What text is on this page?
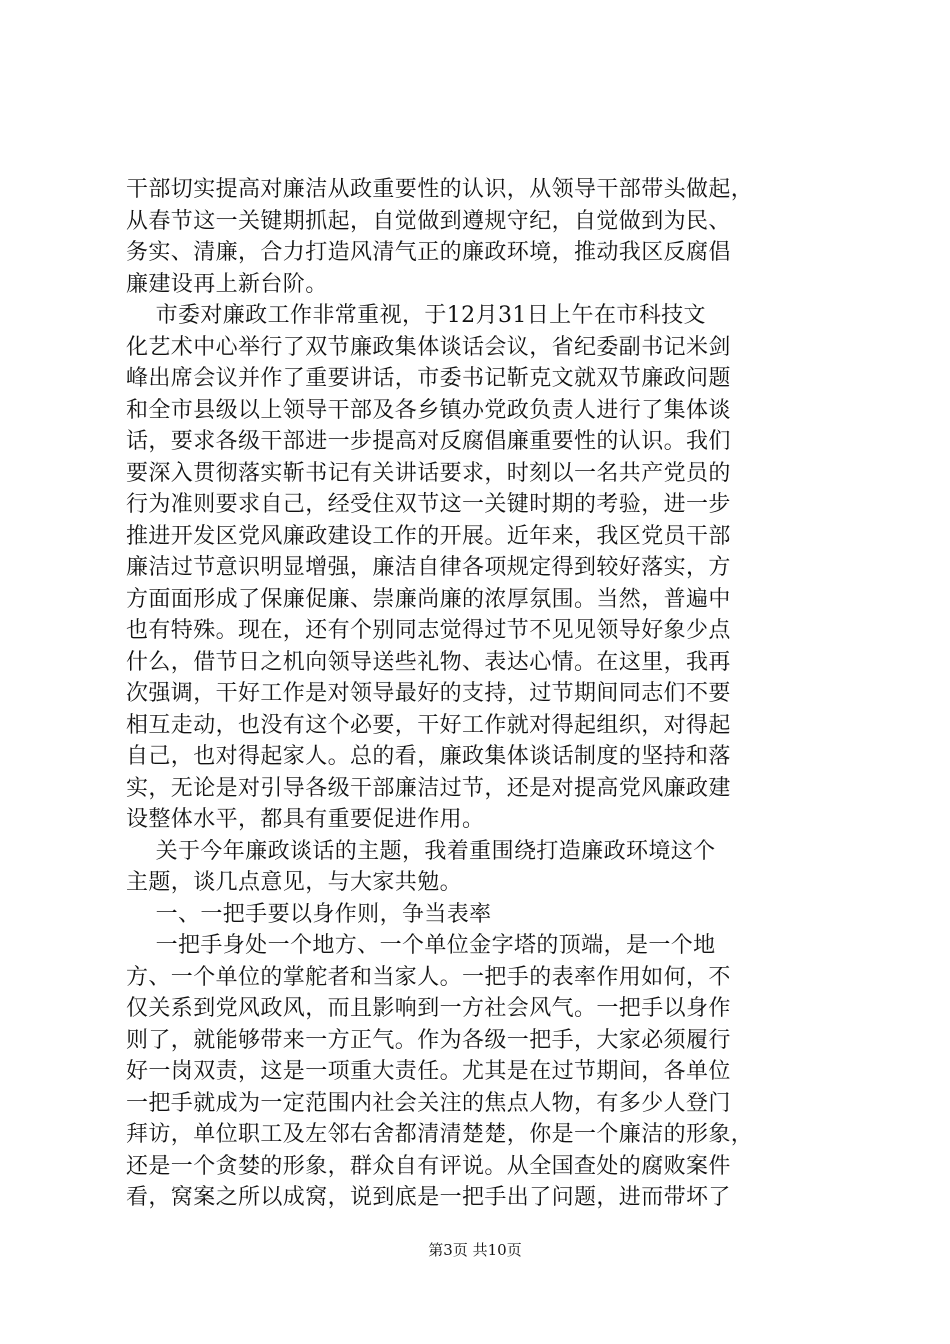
干部切实提高对廉洁从政重要性的认识，从领导干部带头做起，
从春节这一关键期抓起，自觉做到遵规守纪，自觉做到为民、
务实、清廉，合力打造风清气正的廉政环境，推动我区反腐倡
廉建设再上新台阶。
市委对廉政工作非常重视，于12月31日上午在市科技文
化艺术中心举行了双节廉政集体谈话会议，省纪委副书记米剑
峰出席会议并作了重要讲话，市委书记靳克文就双节廉政问题
和全市县级以上领导干部及各乡镇办党政负责人进行了集体谈
话，要求各级干部进一步提高对反腐倡廉重要性的认识。我们
要深入贯彻落实靳书记有关讲话要求，时刻以一名共产党员的
行为准则要求自己，经受住双节这一关键时期的考验，进一步
推进开发区党风廉政建设工作的开展。近年来，我区党员干部
廉洁过节意识明显增强，廉洁自律各项规定得到较好落实，方
方面面形成了保廉促廉、崇廉尚廉的浓厚氛围。当然，普遍中
也有特殊。现在，还有个别同志觉得过节不见见领导好象少点
什么，借节日之机向领导送些礼物、表达心情。在这里，我再
次强调，干好工作是对领导最好的支持，过节期间同志们不要
相互走动，也没有这个必要，干好工作就对得起组织，对得起
自己，也对得起家人。总的看，廉政集体谈话制度的坚持和落
实，无论是对引导各级干部廉洁过节，还是对提高党风廉政建
设整体水平，都具有重要促进作用。
关于今年廉政谈话的主题，我着重围绕打造廉政环境这个
主题，谈几点意见，与大家共勉。
一、一把手要以身作则，争当表率
一把手身处一个地方、一个单位金字塔的顶端，是一个地
方、一个单位的掌舵者和当家人。一把手的表率作用如何，不
仅关系到党风政风，而且影响到一方社会风气。一把手以身作
则了，就能够带来一方正气。作为各级一把手，大家必须履行
好一岗双责，这是一项重大责任。尤其是在过节期间，各单位
一把手就成为一定范围内社会关注的焦点人物，有多少人登门
拜访，单位职工及左邻右舍都清清楚楚，你是一个廉洁的形象，
还是一个贪婪的形象，群众自有评说。从全国查处的腐败案件
看，窝案之所以成窝，说到底是一把手出了问题，进而带坏了
第3页 共10页
